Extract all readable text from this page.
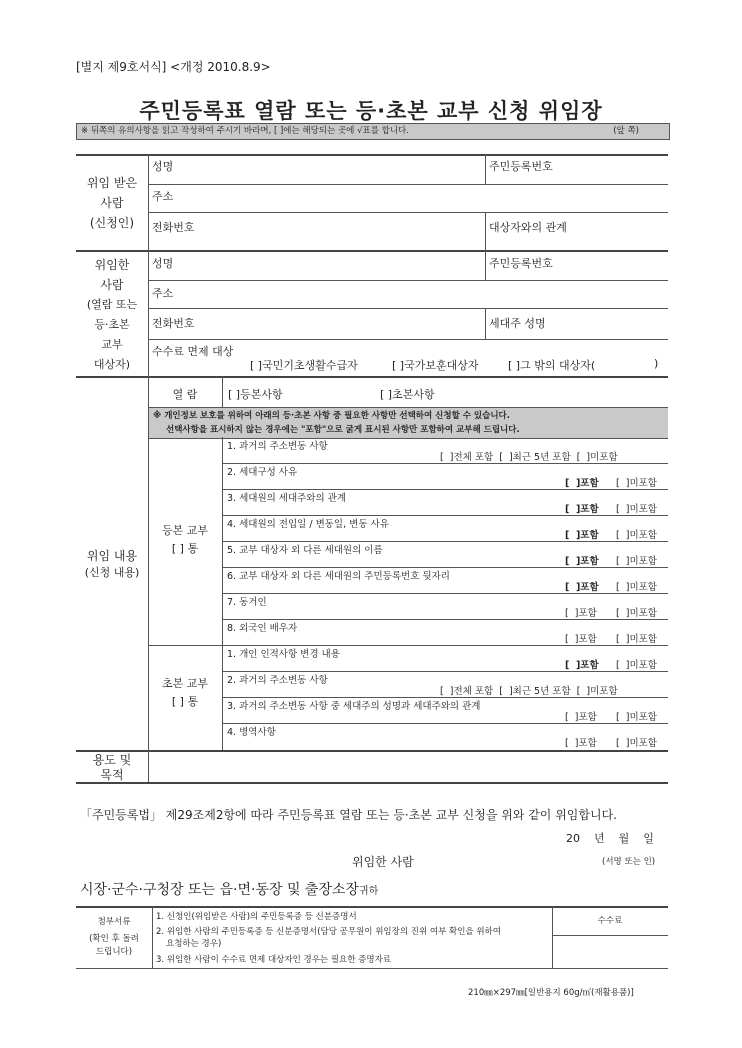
[별지 제9호서식] <개정 2010.8.9>
주민등록표 열람 또는 등·초본 교부 신청 위임장
※ 뒤쪽의 유의사항을 읽고 작성하여 주시기 바라며, [ ]에는 해당되는 곳에 √표를 합니다.	(앞 쪽)
위임 받은
사람
(신청인)
성명	주민등록번호
주소
전화번호	대상자와의 관계
위임한
사람
(열람 또는
등·초본
교부
대상자)
성명	주민등록번호
주소
전화번호	세대주 성명
수수료 면제 대상
[ ]국민기초생활수급자	[ ]국가보훈대상자	[ ]그 밖의 대상자(	)
열 람	[ ]등본사항	[ ]초본사항
※ 개인정보 보호를 위하여 아래의 등·초본 사항 중 필요한 사항만 선택하여 신청할 수 있습니다.
선택사항을 표시하지 않는 경우에는 "포함"으로 굵게 표시된 사항만 포함하여 교부해 드립니다.
위임 내용
(신청 내용)
등본 교부
[ ] 통
1. 과거의 주소변동 사항
[  ]전체 포함  [  ]최근 5년 포함  [  ]미포함
2. 세대구성 사유
[  ]포함 [  ]미포함
3. 세대원의 세대주와의 관계
[  ]포함 [  ]미포함
4. 세대원의 전입일 / 변동일, 변동 사유
[  ]포함 [  ]미포함
5. 교부 대상자 외 다른 세대원의 이름
[  ]포함 [  ]미포함
6. 교부 대상자 외 다른 세대원의 주민등록번호 뒷자리
[  ]포함 [  ]미포함
7. 동거인
[  ]포함 [  ]미포함
8. 외국인 배우자
[  ]포함 [  ]미포함
초본 교부
[ ] 통
1. 개인 인적사항 변경 내용
[  ]포함 [  ]미포함
2. 과거의 주소변동 사항
[  ]전체 포함  [  ]최근 5년 포함  [  ]미포함
3. 과거의 주소변동 사항 중 세대주의 성명과 세대주와의 관계
[  ]포함 [  ]미포함
4. 병역사항
[  ]포함 [  ]미포함
용도 및
목적
「주민등록법」 제29조제2항에 따라 주민등록표 열람 또는 등·초본 교부 신청을 위와 같이 위임합니다.
20    년    월    일
위임한 사람	(서명 또는 인)
시장·군수·구청장 또는 읍·면·동장 및 출장소장귀하
첨부서류
(확인 후 돌려
드립니다)
1. 신청인(위임받은 사람)의 주민등록증 등 신분증명서
2. 위임한 사람의 주민등록증 등 신분증명서(담당 공무원이 위임장의 진위 여부 확인을 위하여
요청하는 경우)
3. 위임한 사람이 수수료 면제 대상자인 경우는 필요한 증명자료
수수료
210㎜×297㎜[일반용지 60g/㎡(재활용품)]
